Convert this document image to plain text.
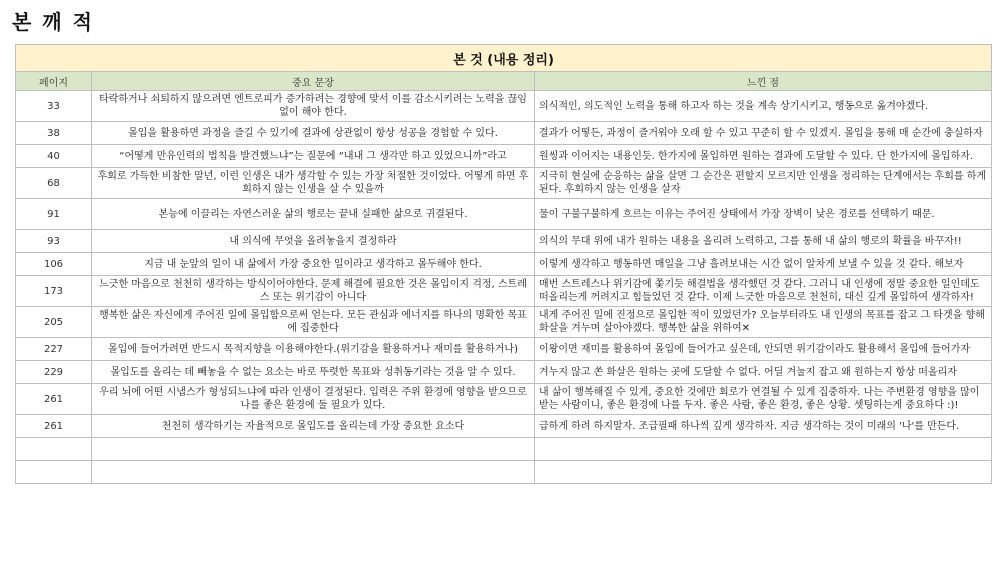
본 깨 적
본 것 (내용 정리)		
페이지	중요 문장	느낀 점
33	타락하거나 쇠퇴하지 않으려면 엔트로피가 증가하려는 경향에 맞서 이를 감소시키려는 노력을 끊임없이 해야 한다.	의식적인, 의도적인 노력을 통해 하고자 하는 것을 계속 상기시키고, 행동으로 옮겨야겠다.
38	몰입을 활용하면 과정을 즐길 수 있기에 결과에 상관없이 항상 성공을 경험할 수 있다.	결과가 어떻든, 과정이 즐거워야 오래 할 수 있고 꾸준히 할 수 있겠지. 몰입을 통해 매 순간에 충실하자
40	“어떻게 만유인력의 법칙을 발견했느냐”는 질문에 “내내 그 생각만 하고 있었으니까”라고	원씽과 이어지는 내용인듯. 한가지에 몰입하면 원하는 결과에 도달할 수 있다. 단 한가지에 몰입하자.
68	후회로 가득한 비참한 말년, 이런 인생은 내가 생각할 수 있는 가장 처절한 것이었다. 어떻게 하면 후회하지 않는 인생을 살 수 있을까	지극히 현실에 순응하는 삶을 살면 그 순간은 편할지 모르지만 인생을 정리하는 단계에서는 후회를 하게 된다. 후회하지 않는 인생을 살자
91	본능에 이끌리는 자연스러운 삶의 행로는 끝내 실패한 삶으로 귀결된다.	물이 구불구불하게 흐르는 이유는 주어진 상태에서 가장 장벽이 낮은 경로를 선택하기 때문.
93	내 의식에 무엇을 올려놓을지 결정하라	의식의 무대 위에 내가 원하는 내용을 올리려 노력하고, 그를 통해 내 삶의 행로의 확률을 바꾸자!!
106	지금 내 눈앞의 일이 내 삶에서 가장 중요한 일이라고 생각하고 몰두해야 한다.	이렇게 생각하고 행동하면 매일을 그냥 흘려보내는 시간 없이 알차게 보낼 수 있을 것 같다. 해보자
173	느긋한 마음으로 천천히 생각하는 방식이어야한다. 문제 해결에 필요한 것은 몰입이지 걱정, 스트레스 또는 위기감이 아니다	매번 스트레스나 위기감에 쫓기듯 해결법을 생각했던 것 같다. 그러니 내 인생에 정말 중요한 일인데도 떠올리는게 꺼려지고 힘들었던 것 같다. 이제 느긋한 마음으로 천천히, 대신 깊게 몰입하여 생각하자!
205	행복한 삶은 자신에게 주어진 일에 몰입함으로써 얻는다. 모든 관심과 에너지를 하나의 명확한 목표에 집중한다	내게 주어진 일에 진정으로 몰입한 적이 있었던가? 오늘부터라도 내 인생의 목표를 잡고 그 타겟을 향해 화살을 겨누며 살아야겠다. 행복한 삶을 위하여✕
227	몰입에 들어가려면 반드시 목적지향을 이용해야한다.(위기감을 활용하거나 재미를 활용하거나)	이왕이면 재미를 활용하여 몰입에 들어가고 싶은데, 안되면 위기감이라도 활용해서 몰입에 들어가자
229	몰입도를 올리는 데 빼놓을 수 없는 요소는 바로 뚜렷한 목표와 성취동기라는 것을 알 수 있다.	겨누지 않고 쏜 화살은 원하는 곳에 도달할 수 없다. 어딜 겨눌지 잡고 왜 원하는지 항상 떠올리자
261	우리 뇌에 어떤 시냅스가 형성되느냐에 따라 인생이 결정된다. 입력은 주위 환경에 영향을 받으므로 나를 좋은 환경에 둘 필요가 있다.	내 삶이 행복해질 수 있게, 중요한 것에만 회로가 연결될 수 있게 집중하자. 나는 주변환경 영향을 많이 받는 사람이니, 좋은 환경에 나를 두자. 좋은 사람, 좋은 환경, 좋은 상황. 셋팅하는게 중요하다 :)!
261	천천히 생각하기는 자율적으로 몰입도를 올리는데 가장 중요한 요소다	급하게 하려 하지말자. 조급필패 하나씩 깊게 생각하자. 지금 생각하는 것이 미래의 '나'를 만든다.
